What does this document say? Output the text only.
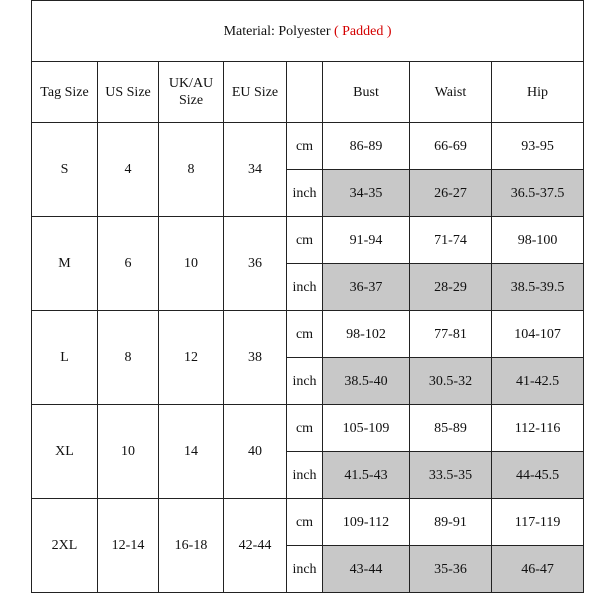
Material: Polyester ( Padded )							
Tag Size	US Size	UK/AU Size	EU Size		Bust	Waist	Hip
S	4	8	34	cm	86-89	66-69	93-95
				inch	34-35	26-27	36.5-37.5
M	6	10	36	cm	91-94	71-74	98-100
				inch	36-37	28-29	38.5-39.5
L	8	12	38	cm	98-102	77-81	104-107
				inch	38.5-40	30.5-32	41-42.5
XL	10	14	40	cm	105-109	85-89	112-116
				inch	41.5-43	33.5-35	44-45.5
2XL	12-14	16-18	42-44	cm	109-112	89-91	117-119
				inch	43-44	35-36	46-47
